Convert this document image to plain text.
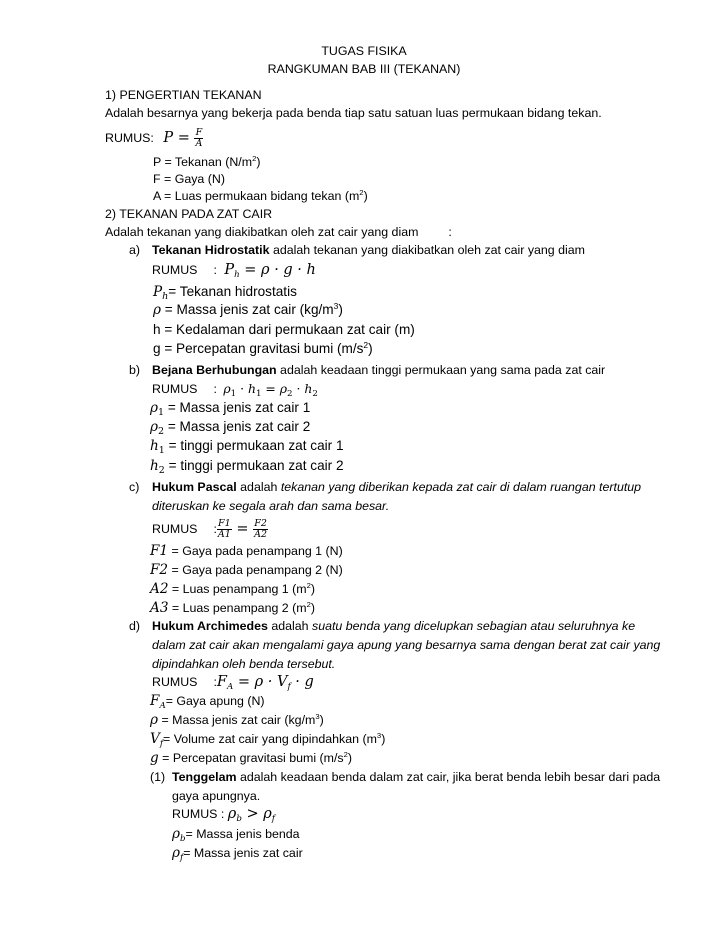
TUGAS FISIKA
RANGKUMAN BAB III (TEKANAN)
1) PENGERTIAN TEKANAN
Adalah besarnya yang bekerja pada benda tiap satu satuan luas permukaan bidang tekan.
RUMUS: $P = \frac{F}{A}$
P = Tekanan $(N/m^2)$
F = Gaya (N)
A = Luas permukaan bidang tekan $(m^2)$
2) TEKANAN PADA ZAT CAIR
Adalah tekanan yang diakibatkan oleh zat cair yang diam :
a) Tekanan Hidrostatik adalah tekanan yang diakibatkan oleh zat cair yang diam
RUMUS : $P_h = \rho \cdot g \cdot h$
$P_h=$ Tekanan hidrostatis
ρ = Massa jenis zat cair $(kg/m^3)$
h = Kedalaman dari permukaan zat cair (m)
g = Percepatan gravitasi bumi $(m/s^2)$
b) Bejana Berhubungan adalah keadaan tinggi permukaan yang sama pada zat cair
RUMUS : $\rho_1 \cdot h_1 = \rho_2 \cdot h_2$
$\rho_1$ = Massa jenis zat cair 1
$\rho_2$ = Massa jenis zat cair 2
$h_1$ = tinggi permukaan zat cair 1
$h_2$ = tinggi permukaan zat cair 2
c) Hukum Pascal adalah tekanan yang diberikan kepada zat cair di dalam ruangan tertutup
diteruskan ke segala arah dan sama besar.
RUMUS : $\frac{F1}{A1} = \frac{F2}{A2}$
F1 = Gaya pada penampang 1 (N)
F2 = Gaya pada penampang 2 (N)
A2 = Luas penampang 1 $(m^2)$
A3 = Luas penampang 2 $(m^2)$
d) Hukum Archimedes adalah suatu benda yang dicelupkan sebagian atau seluruhnya ke
dalam zat cair akan mengalami gaya apung yang besarnya sama dengan berat zat cair yang
dipindahkan oleh benda tersebut.
RUMUS $:F_A = \rho \cdot V_f \cdot g$
$F_A=$ Gaya apung (N)
ρ = Massa jenis zat cair $(kg/m^3)$
$V_f=$ Volume zat cair yang dipindahkan $(m^3)$
g = Percepatan gravitasi bumi $(m/s^2)$
(1) Tenggelam adalah keadaan benda dalam zat cair, jika berat benda lebih besar dari pada
gaya apungnya.
RUMUS : $\rho_b > \rho_f$
$\rho_b=$ Massa jenis benda
$\rho_f=$ Massa jenis zat cair
